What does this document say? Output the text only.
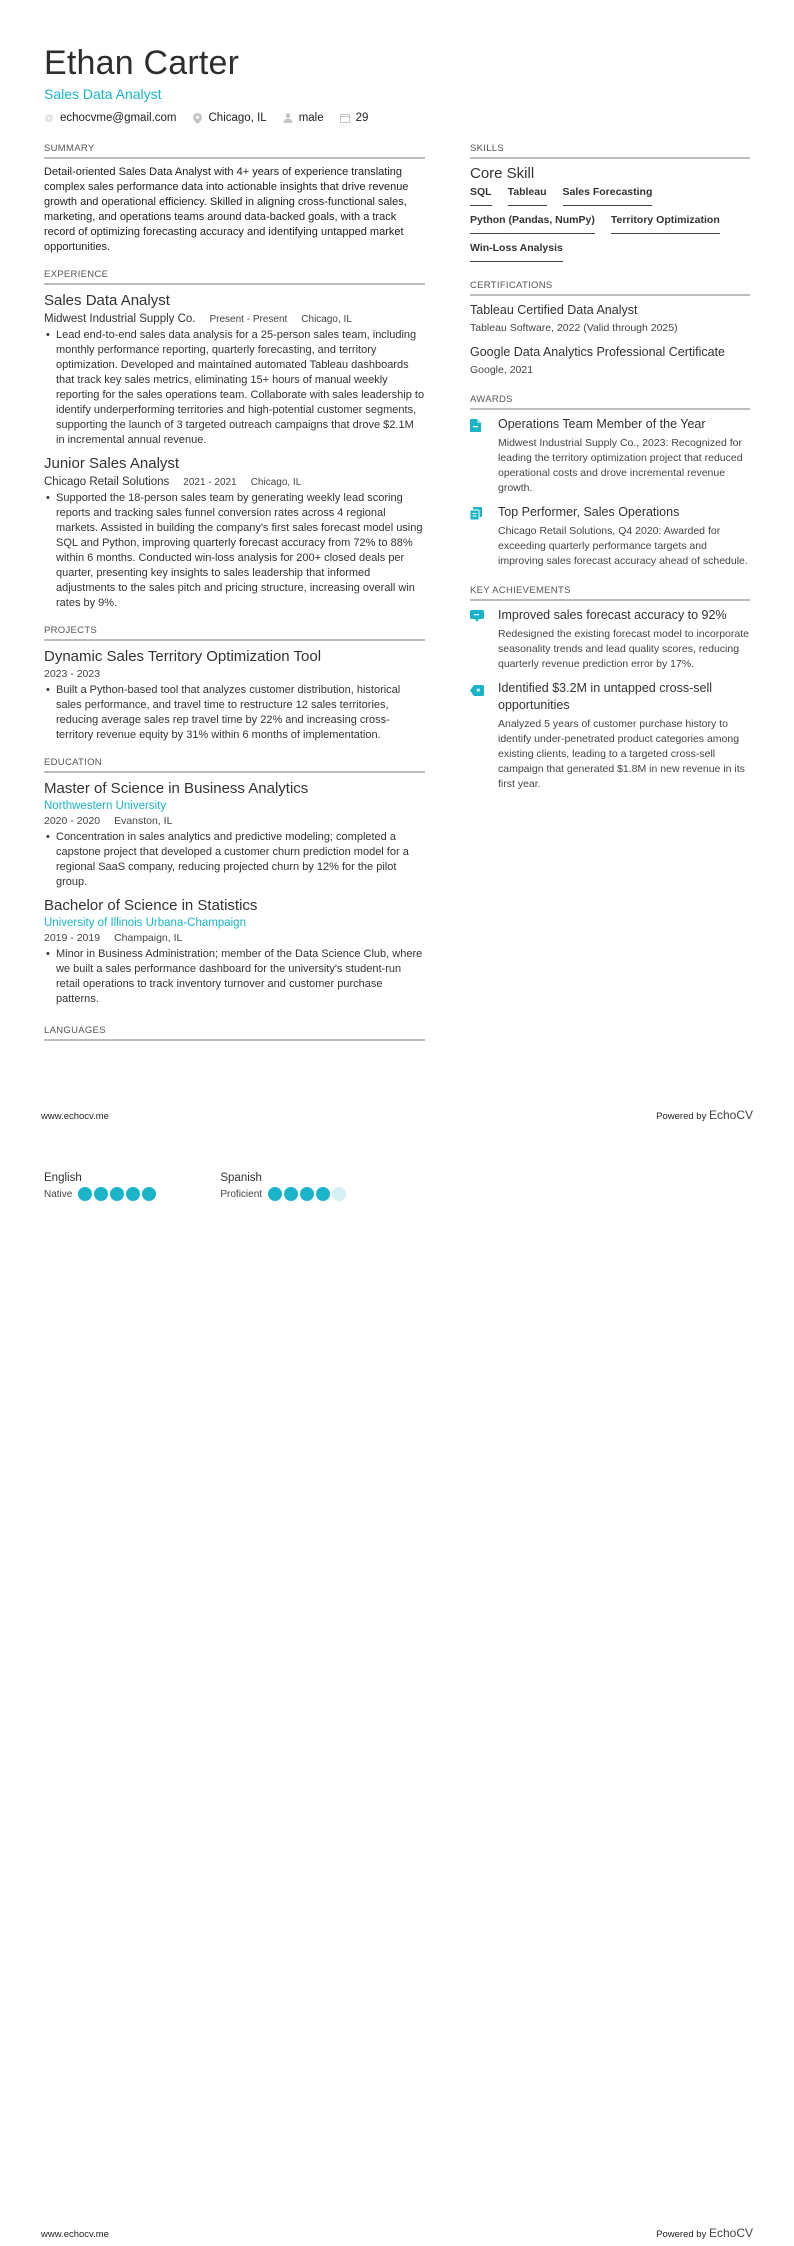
Ethan Carter
Sales Data Analyst
@ echocvme@gmail.com	Chicago, IL	male	29
SUMMARY

Detail-oriented Sales Data Analyst with 4+ years of experience translating complex sales performance data into actionable insights that drive revenue growth and operational efficiency. Skilled in aligning cross-functional sales, marketing, and operations teams around data-backed goals, with a track record of optimizing forecasting accuracy and identifying untapped market opportunities.

EXPERIENCE
Sales Data Analyst
Midwest Industrial Supply Co. Present - Present Chicago, IL
• Lead end-to-end sales data analysis for a 25-person sales team, including monthly performance reporting, quarterly forecasting, and territory optimization. Developed and maintained automated Tableau dashboards that track key sales metrics, eliminating 15+ hours of manual weekly reporting for the sales operations team. Collaborate with sales leadership to identify underperforming territories and high-potential customer segments, supporting the launch of 3 targeted outreach campaigns that drove $2.1M in incremental annual revenue.
Junior Sales Analyst
Chicago Retail Solutions 2021 - 2021 Chicago, IL
• Supported the 18-person sales team by generating weekly lead scoring reports and tracking sales funnel conversion rates across 4 regional markets. Assisted in building the company's first sales forecast model using SQL and Python, improving quarterly forecast accuracy from 72% to 88% within 6 months. Conducted win-loss analysis for 200+ closed deals per quarter, presenting key insights to sales leadership that informed adjustments to the sales pitch and pricing structure, increasing overall win rates by 9%.
PROJECTS
Dynamic Sales Territory Optimization Tool
2023 - 2023
• Built a Python-based tool that analyzes customer distribution, historical sales performance, and travel time to restructure 12 sales territories, reducing average sales rep travel time by 22% and increasing cross-territory revenue equity by 31% within 6 months of implementation.
EDUCATION
Master of Science in Business Analytics
Northwestern University
2020 - 2020 Evanston, IL
• Concentration in sales analytics and predictive modeling; completed a capstone project that developed a customer churn prediction model for a regional SaaS company, reducing projected churn by 12% for the pilot group.
Bachelor of Science in Statistics
University of Illinois Urbana-Champaign
2019 - 2019 Champaign, IL
• Minor in Business Administration; member of the Data Science Club, where we built a sales performance dashboard for the university's student-run retail operations to track inventory turnover and customer purchase patterns.
LANGUAGES
SKILLS
Core Skill
SQL Tableau Sales Forecasting
Python (Pandas, NumPy) Territory Optimization
Win-Loss Analysis
CERTIFICATIONS
Tableau Certified Data Analyst
Tableau Software, 2022 (Valid through 2025)
Google Data Analytics Professional Certificate
Google, 2021
AWARDS
Operations Team Member of the Year
Midwest Industrial Supply Co., 2023: Recognized for leading the territory optimization project that reduced operational costs and drove incremental revenue growth.
Top Performer, Sales Operations
Chicago Retail Solutions, Q4 2020: Awarded for exceeding quarterly performance targets and improving sales forecast accuracy ahead of schedule.
KEY ACHIEVEMENTS
Improved sales forecast accuracy to 92%
Redesigned the existing forecast model to incorporate seasonality trends and lead quality scores, reducing quarterly revenue prediction error by 17%.
Identified $3.2M in untapped cross-sell opportunities
Analyzed 5 years of customer purchase history to identify under-penetrated product categories among existing clients, leading to a targeted cross-sell campaign that generated $1.8M in new revenue in its first year.
www.echocv.me	Powered by EchoCV
English
Native
Spanish
Proficient
www.echocv.me	Powered by EchoCV
